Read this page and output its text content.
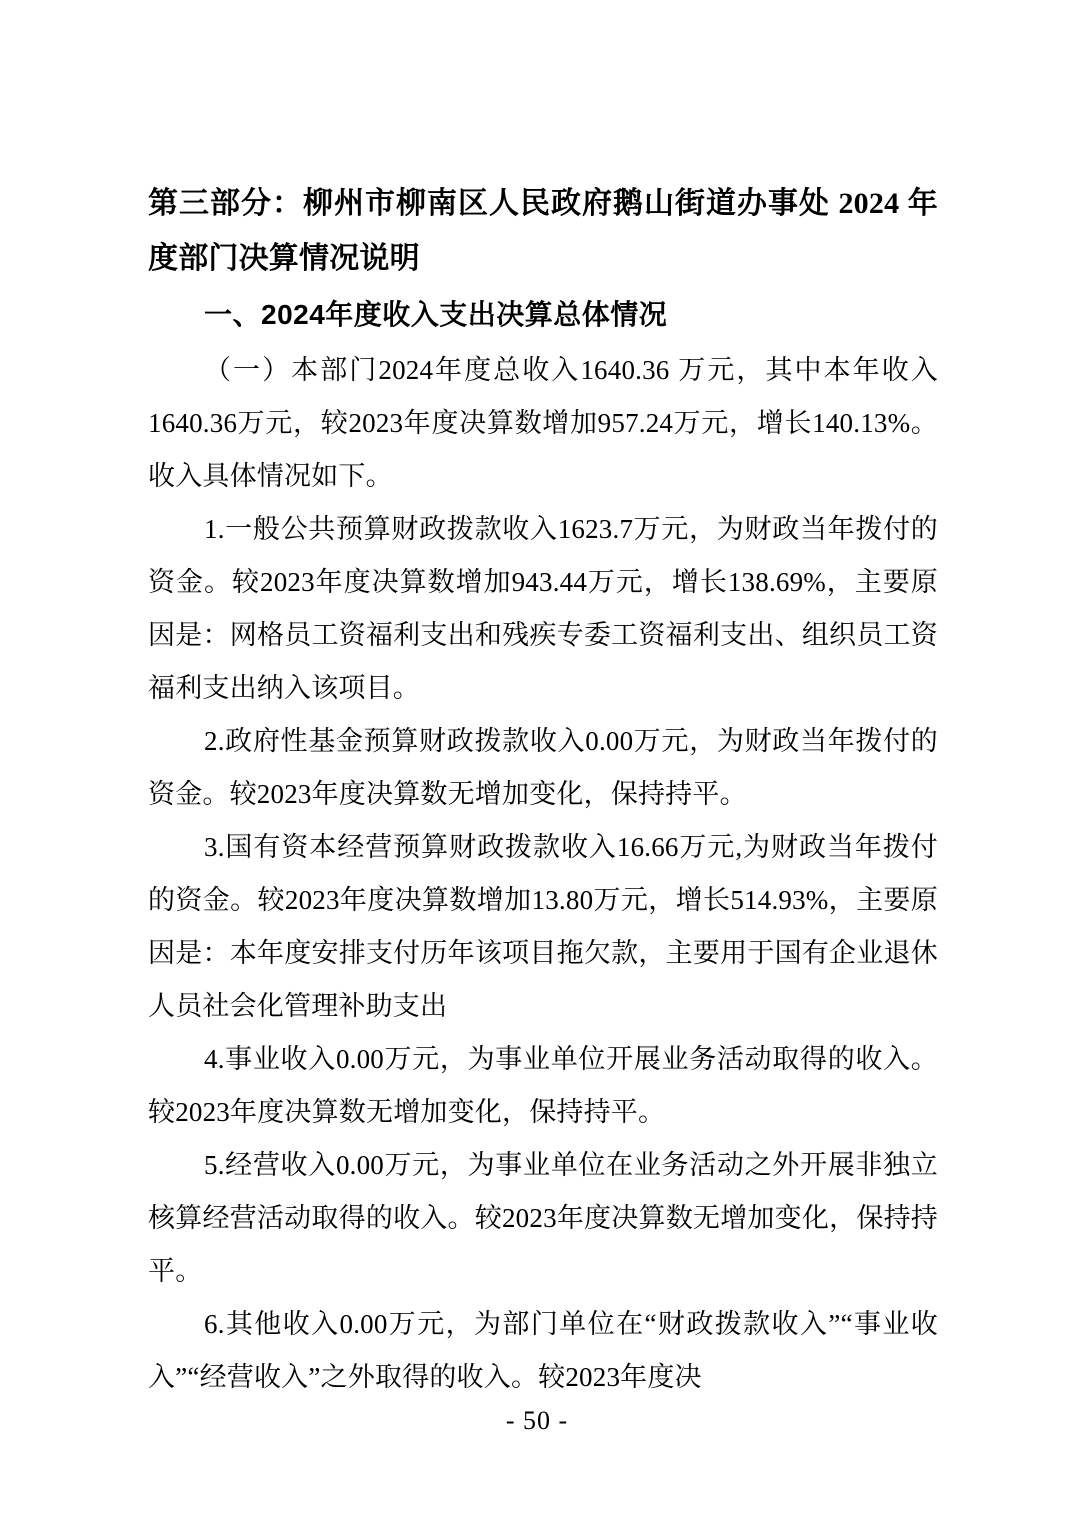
第三部分：柳州市柳南区人民政府鹅山街道办事处 2024 年度部门决算情况说明
一、2024年度收入支出决算总体情况

（一）本部门2024年度总收入1640.36 万元，其中本年收入1640.36万元，较2023年度决算数增加957.24万元，增长140.13%。收入具体情况如下。

1.一般公共预算财政拨款收入1623.7万元，为财政当年拨付的资金。较2023年度决算数增加943.44万元，增长138.69%，主要原因是：网格员工资福利支出和残疾专委工资福利支出、组织员工资福利支出纳入该项目。

2.政府性基金预算财政拨款收入0.00万元，为财政当年拨付的资金。较2023年度决算数无增加变化，保持持平。

3.国有资本经营预算财政拨款收入16.66万元,为财政当年拨付的资金。较2023年度决算数增加13.80万元，增长514.93%，主要原因是：本年度安排支付历年该项目拖欠款，主要用于国有企业退休人员社会化管理补助支出

4.事业收入0.00万元，为事业单位开展业务活动取得的收入。较2023年度决算数无增加变化，保持持平。

5.经营收入0.00万元，为事业单位在业务活动之外开展非独立核算经营活动取得的收入。较2023年度决算数无增加变化，保持持平。

6.其他收入0.00万元，为部门单位在“财政拨款收入”“事业收入”“经营收入”之外取得的收入。较2023年度决

- 50 -
